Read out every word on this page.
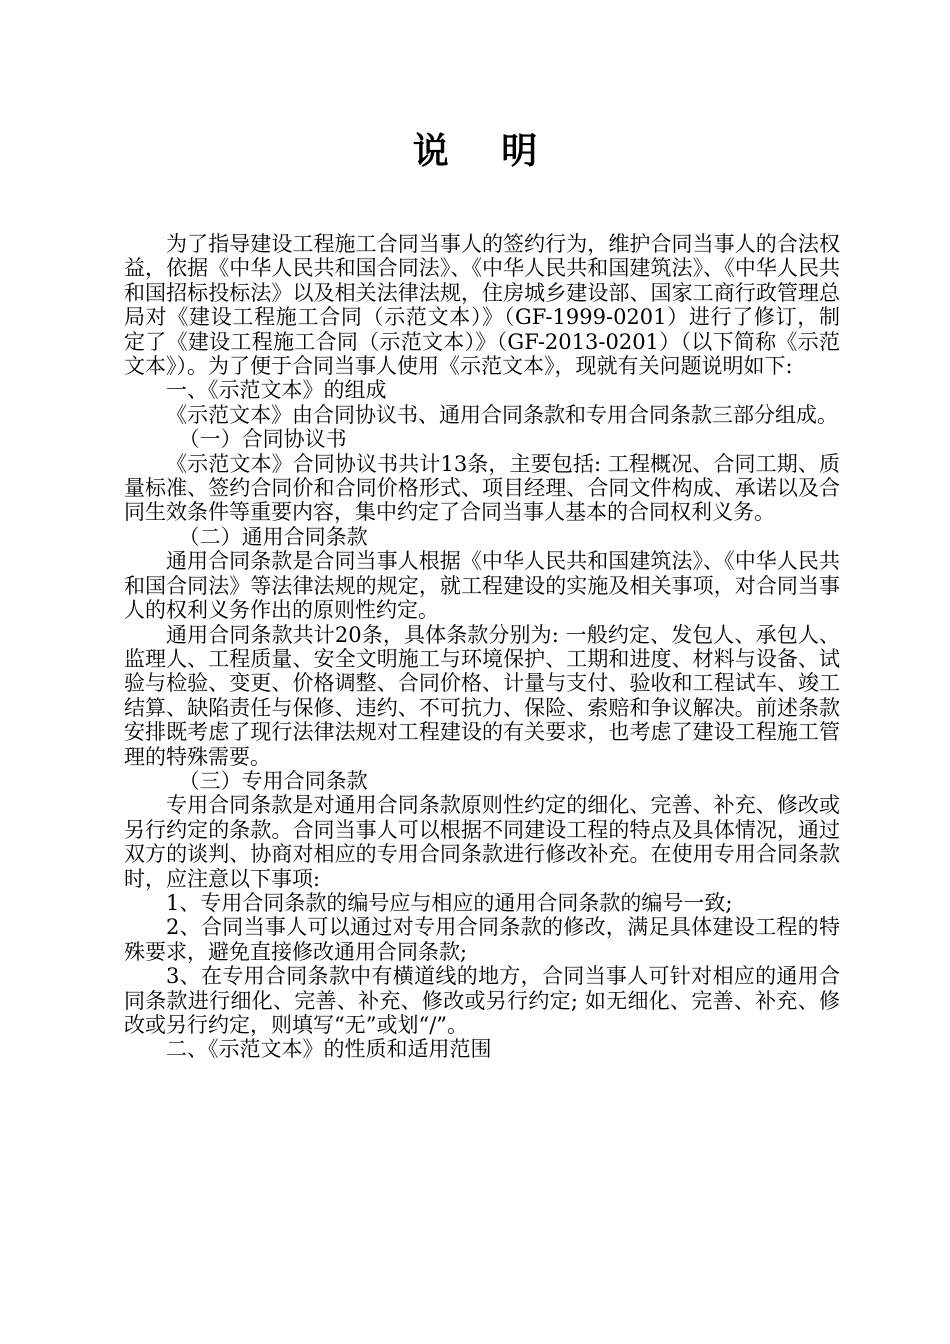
说 明

为了指导建设工程施工合同当事人的签约行为，维护合同当事人的合法权益，依据《中华人民共和国合同法》、《中华人民共和国建筑法》、《中华人民共和国招标投标法》以及相关法律法规，住房城乡建设部、国家工商行政管理总局对《建设工程施工合同（示范文本）》（GF-1999-0201）进行了修订，制定了《建设工程施工合同（示范文本）》（GF-2013-0201）（以下简称《示范文本》）。为了便于合同当事人使用《示范文本》，现就有关问题说明如下:

一、《示范文本》的组成

《示范文本》由合同协议书、通用合同条款和专用合同条款三部分组成。

（一）合同协议书

《示范文本》合同协议书共计13条，主要包括: 工程概况、合同工期、质量标准、签约合同价和合同价格形式、项目经理、合同文件构成、承诺以及合同生效条件等重要内容，集中约定了合同当事人基本的合同权利义务。

（二）通用合同条款

通用合同条款是合同当事人根据《中华人民共和国建筑法》、《中华人民共和国合同法》等法律法规的规定，就工程建设的实施及相关事项，对合同当事人的权利义务作出的原则性约定。

通用合同条款共计20条，具体条款分别为: 一般约定、发包人、承包人、监理人、工程质量、安全文明施工与环境保护、工期和进度、材料与设备、试验与检验、变更、价格调整、合同价格、计量与支付、验收和工程试车、竣工结算、缺陷责任与保修、违约、不可抗力、保险、索赔和争议解决。前述条款安排既考虑了现行法律法规对工程建设的有关要求，也考虑了建设工程施工管理的特殊需要。

（三）专用合同条款

专用合同条款是对通用合同条款原则性约定的细化、完善、补充、修改或另行约定的条款。合同当事人可以根据不同建设工程的特点及具体情况，通过双方的谈判、协商对相应的专用合同条款进行修改补充。在使用专用合同条款时，应注意以下事项:

1、专用合同条款的编号应与相应的通用合同条款的编号一致;

2、合同当事人可以通过对专用合同条款的修改，满足具体建设工程的特殊要求，避免直接修改通用合同条款;

3、在专用合同条款中有横道线的地方，合同当事人可针对相应的通用合同条款进行细化、完善、补充、修改或另行约定; 如无细化、完善、补充、修改或另行约定，则填写“无”或划“/”。

二、《示范文本》的性质和适用范围
